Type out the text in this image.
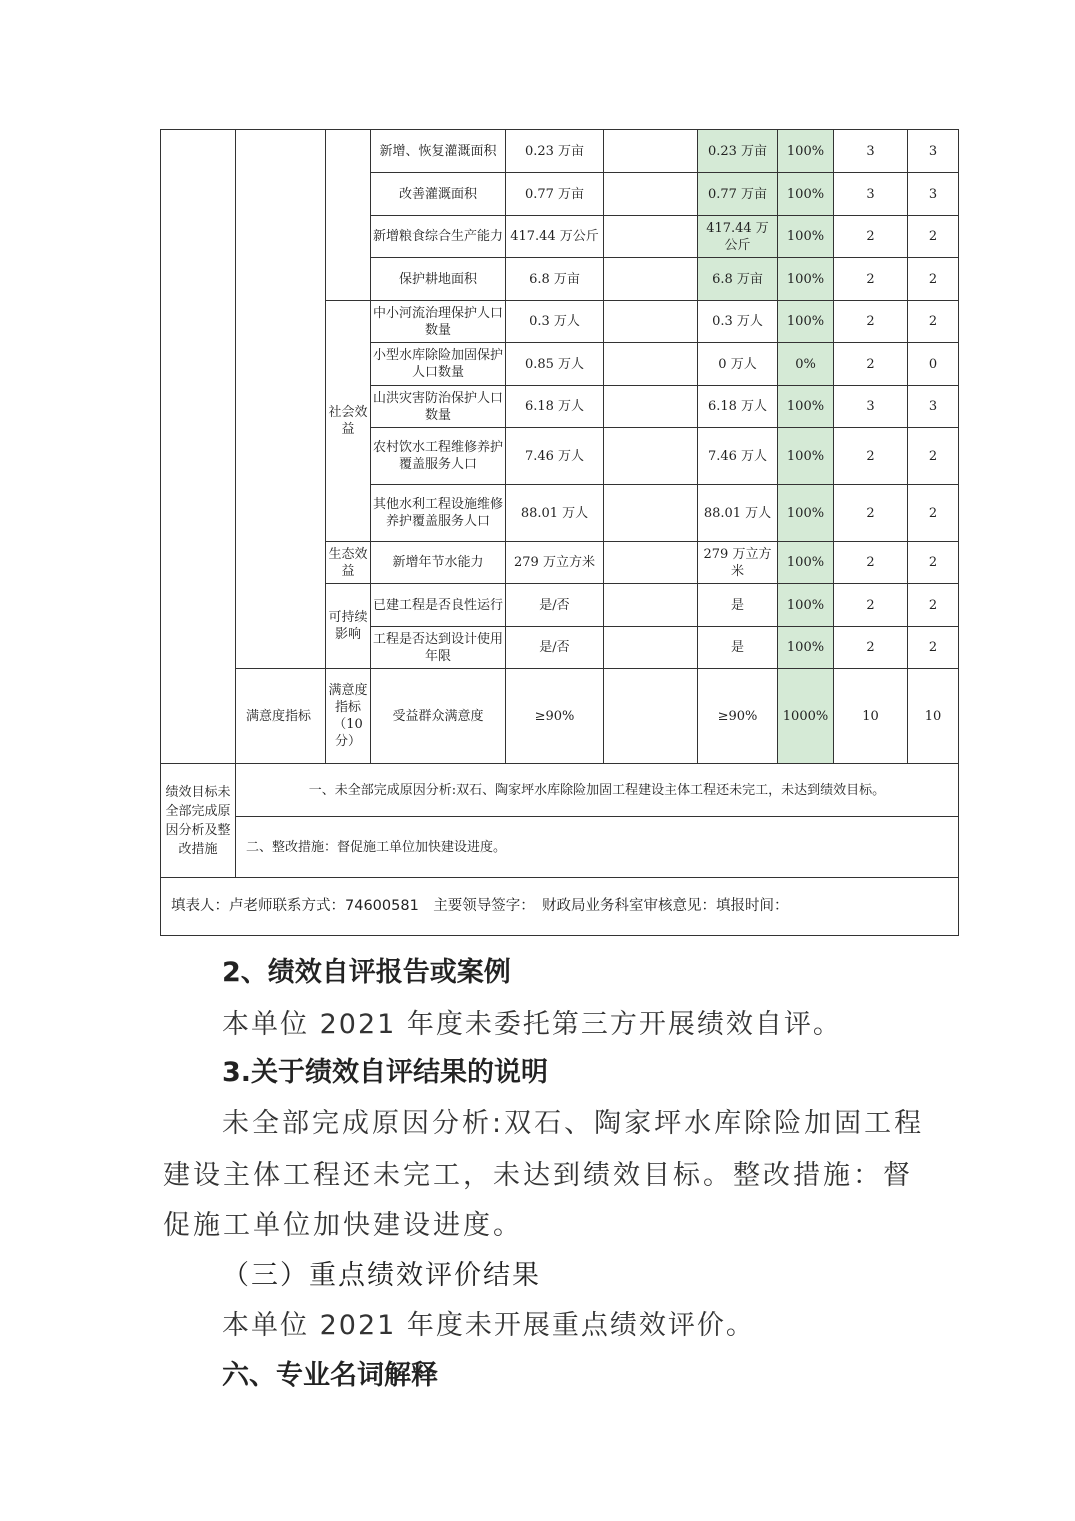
			新增、恢复灌溉面积	0.23 万亩		0.23 万亩	100%	3	3
			改善灌溉面积	0.77 万亩		0.77 万亩	100%	3	3
			新增粮食综合生产能力	417.44 万公斤		417.44 万公斤	100%	2	2
			保护耕地面积	6.8 万亩		6.8 万亩	100%	2	2
		社会效益	中小河流治理保护人口数量	0.3 万人		0.3 万人	100%	2	2
			小型水库除险加固保护人口数量	0.85 万人		0 万人	0%	2	0
			山洪灾害防治保护人口数量	6.18 万人		6.18 万人	100%	3	3
			农村饮水工程维修养护覆盖服务人口	7.46 万人		7.46 万人	100%	2	2
			其他水利工程设施维修养护覆盖服务人口	88.01 万人		88.01 万人	100%	2	2
		生态效益	新增年节水能力	279 万立方米		279 万立方米	100%	2	2
		可持续影响	已建工程是否良性运行	是/否		是	100%	2	2
			工程是否达到设计使用年限	是/否		是	100%	2	2
	满意度指标	满意度指标（10分）	受益群众满意度	≥90%		≥90%	1000%	10	10
绩效目标未全部完成原因分析及整改措施	一、未全部完成原因分析:双石、陶家坪水库除险加固工程建设主体工程还未完工，未达到绩效目标。								
	二、整改措施：督促施工单位加快建设进度。								
填表人：卢老师联系方式：74600581　主要领导签字：　财政局业务科室审核意见：填报时间：									
2、绩效自评报告或案例
本单位 2021 年度未委托第三方开展绩效自评。
3.关于绩效自评结果的说明
未全部完成原因分析:双石、陶家坪水库除险加固工程
建设主体工程还未完工，未达到绩效目标。整改措施：督
促施工单位加快建设进度。
（三）重点绩效评价结果
本单位 2021 年度未开展重点绩效评价。
六、专业名词解释
